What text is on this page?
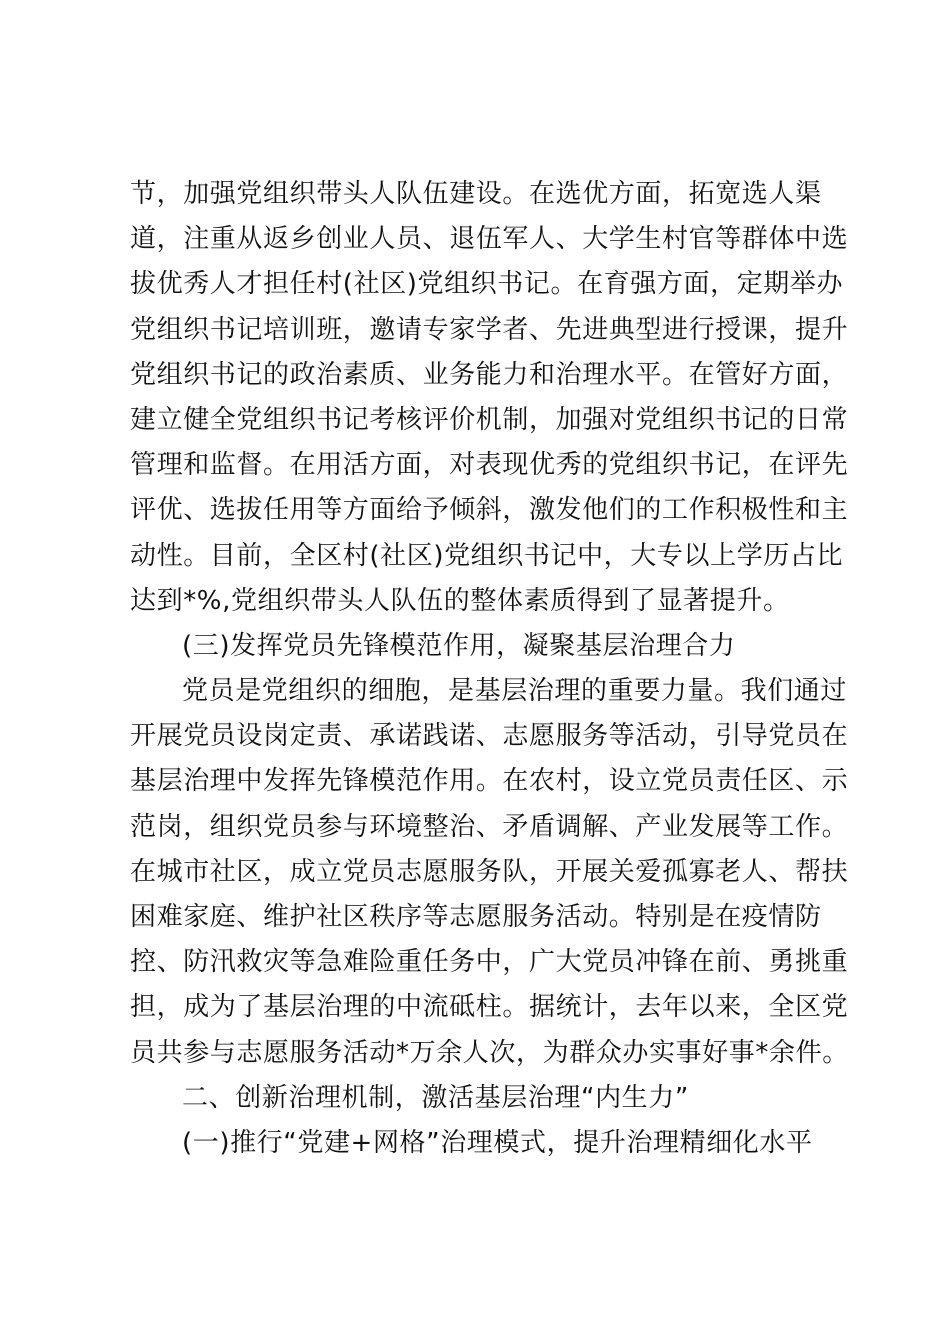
节，加强党组织带头人队伍建设。在选优方面，拓宽选人渠
道，注重从返乡创业人员、退伍军人、大学生村官等群体中选
拔优秀人才担任村(社区)党组织书记。在育强方面，定期举办
党组织书记培训班，邀请专家学者、先进典型进行授课，提升
党组织书记的政治素质、业务能力和治理水平。在管好方面，
建立健全党组织书记考核评价机制，加强对党组织书记的日常
管理和监督。在用活方面，对表现优秀的党组织书记，在评先
评优、选拔任用等方面给予倾斜，激发他们的工作积极性和主
动性。目前，全区村(社区)党组织书记中，大专以上学历占比
达到*%,党组织带头人队伍的整体素质得到了显著提升。
(三)发挥党员先锋模范作用，凝聚基层治理合力
党员是党组织的细胞，是基层治理的重要力量。我们通过
开展党员设岗定责、承诺践诺、志愿服务等活动，引导党员在
基层治理中发挥先锋模范作用。在农村，设立党员责任区、示
范岗，组织党员参与环境整治、矛盾调解、产业发展等工作。
在城市社区，成立党员志愿服务队，开展关爱孤寡老人、帮扶
困难家庭、维护社区秩序等志愿服务活动。特别是在疫情防
控、防汛救灾等急难险重任务中，广大党员冲锋在前、勇挑重
担，成为了基层治理的中流砥柱。据统计，去年以来，全区党
员共参与志愿服务活动*万余人次，为群众办实事好事*余件。
二、创新治理机制，激活基层治理“内生力”
(一)推行“党建+网格”治理模式，提升治理精细化水平
